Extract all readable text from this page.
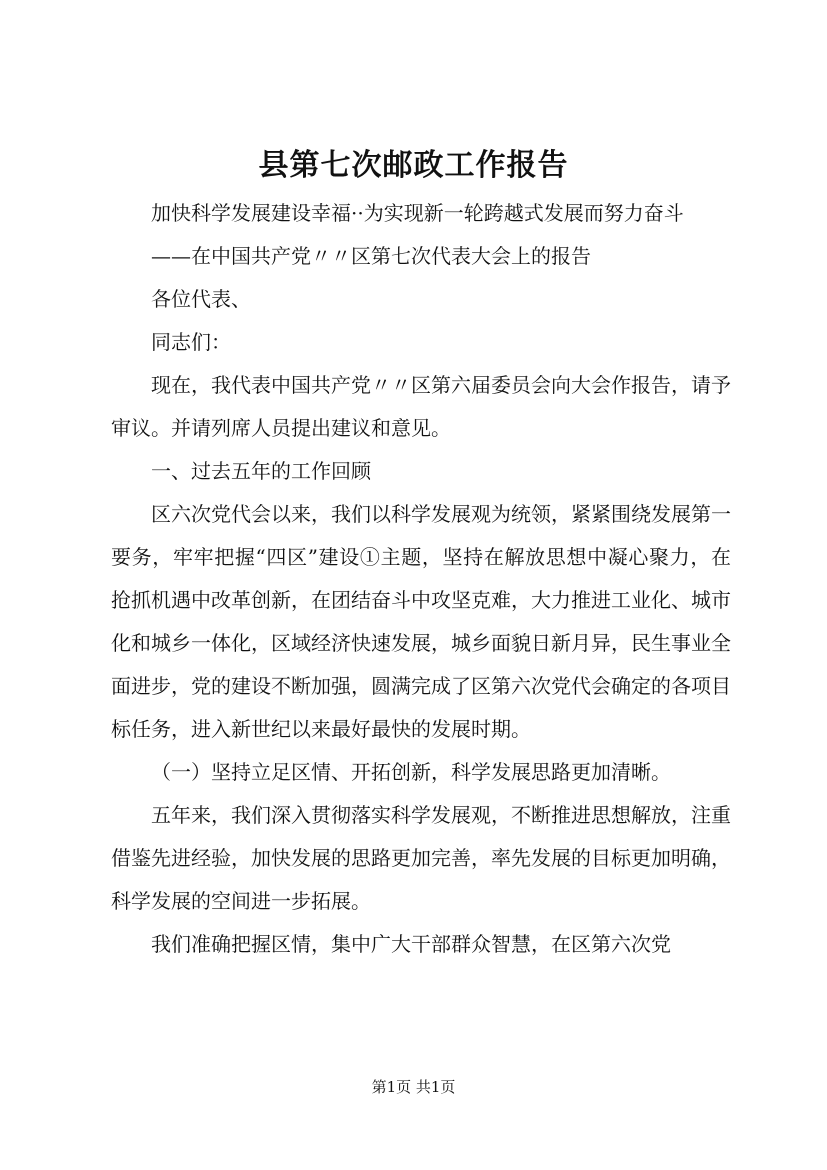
县第七次邮政工作报告

加快科学发展建设幸福··为实现新一轮跨越式发展而努力奋斗

——在中国共产党〃〃区第七次代表大会上的报告

各位代表、

同志们：

现在，我代表中国共产党〃〃区第六届委员会向大会作报告，请予审议。并请列席人员提出建议和意见。

一、过去五年的工作回顾

区六次党代会以来，我们以科学发展观为统领，紧紧围绕发展第一要务，牢牢把握“四区”建设①主题，坚持在解放思想中凝心聚力，在抢抓机遇中改革创新，在团结奋斗中攻坚克难，大力推进工业化、城市化和城乡一体化，区域经济快速发展，城乡面貌日新月异，民生事业全面进步，党的建设不断加强，圆满完成了区第六次党代会确定的各项目标任务，进入新世纪以来最好最快的发展时期。

（一）坚持立足区情、开拓创新，科学发展思路更加清晰。

五年来，我们深入贯彻落实科学发展观，不断推进思想解放，注重借鉴先进经验，加快发展的思路更加完善，率先发展的目标更加明确，科学发展的空间进一步拓展。

我们准确把握区情，集中广大干部群众智慧，在区第六次党

第1页 共1页
